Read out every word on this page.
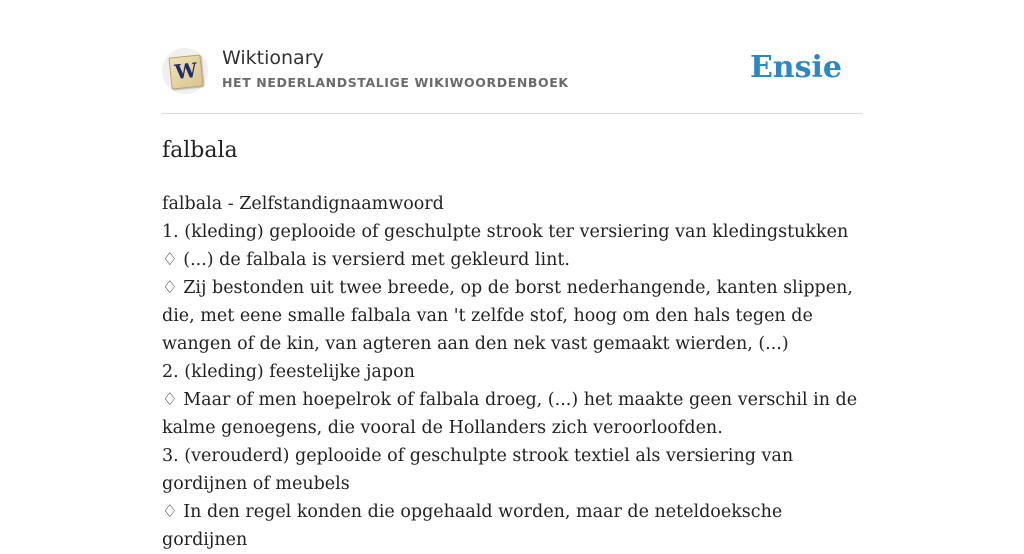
W Wiktionary
HET NEDERLANDSTALIGE WIKIWOORDENBOEK	Ensie
falbala

falbala - Zelfstandignaamwoord

1. (kleding) geplooide of geschulpte strook ter versiering van kledingstukken

♢ (...) de falbala is versierd met gekleurd lint.

♢ Zij bestonden uit twee breede, op de borst nederhangende, kanten slippen, die, met eene smalle falbala van 't zelfde stof, hoog om den hals tegen de wangen of de kin, van agteren aan den nek vast gemaakt wierden, (...)

2. (kleding) feestelijke japon

♢ Maar of men hoepelrok of falbala droeg, (...) het maakte geen verschil in de kalme genoegens, die vooral de Hollanders zich veroorloofden.

3. (verouderd) geplooide of geschulpte strook textiel als versiering van gordijnen of meubels

♢ In den regel konden die opgehaald worden, maar de neteldoeksche gordijnen
